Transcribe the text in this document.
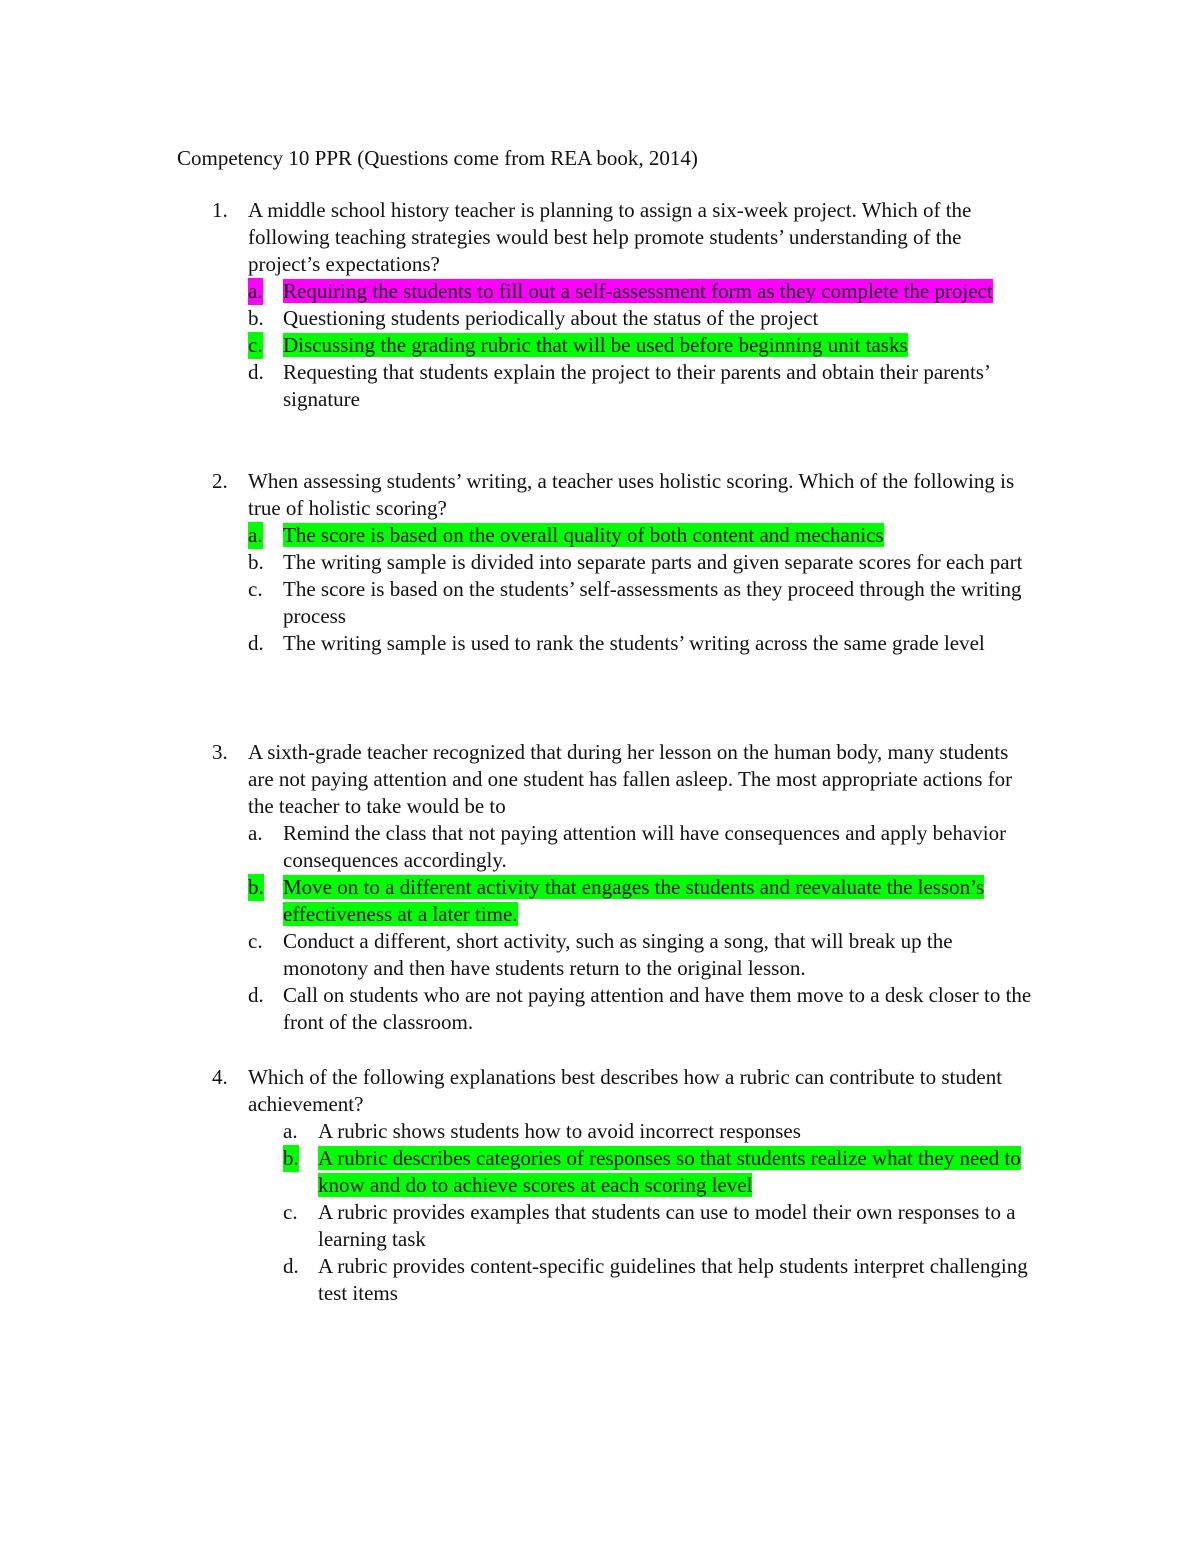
Competency 10 PPR (Questions come from REA book, 2014)
1. A middle school history teacher is planning to assign a six-week project. Which of the following teaching strategies would best help promote students’ understanding of the project’s expectations?
a. Requiring the students to fill out a self-assessment form as they complete the project
b. Questioning students periodically about the status of the project
c. Discussing the grading rubric that will be used before beginning unit tasks
d. Requesting that students explain the project to their parents and obtain their parents’ signature
2. When assessing students’ writing, a teacher uses holistic scoring. Which of the following is true of holistic scoring?
a. The score is based on the overall quality of both content and mechanics
b. The writing sample is divided into separate parts and given separate scores for each part
c. The score is based on the students’ self-assessments as they proceed through the writing process
d. The writing sample is used to rank the students’ writing across the same grade level
3. A sixth-grade teacher recognized that during her lesson on the human body, many students are not paying attention and one student has fallen asleep. The most appropriate actions for the teacher to take would be to
a. Remind the class that not paying attention will have consequences and apply behavior consequences accordingly.
b. Move on to a different activity that engages the students and reevaluate the lesson’s effectiveness at a later time.
c. Conduct a different, short activity, such as singing a song, that will break up the monotony and then have students return to the original lesson.
d. Call on students who are not paying attention and have them move to a desk closer to the front of the classroom.
4. Which of the following explanations best describes how a rubric can contribute to student achievement?
a. A rubric shows students how to avoid incorrect responses
b. A rubric describes categories of responses so that students realize what they need to know and do to achieve scores at each scoring level
c. A rubric provides examples that students can use to model their own responses to a learning task
d. A rubric provides content-specific guidelines that help students interpret challenging test items
